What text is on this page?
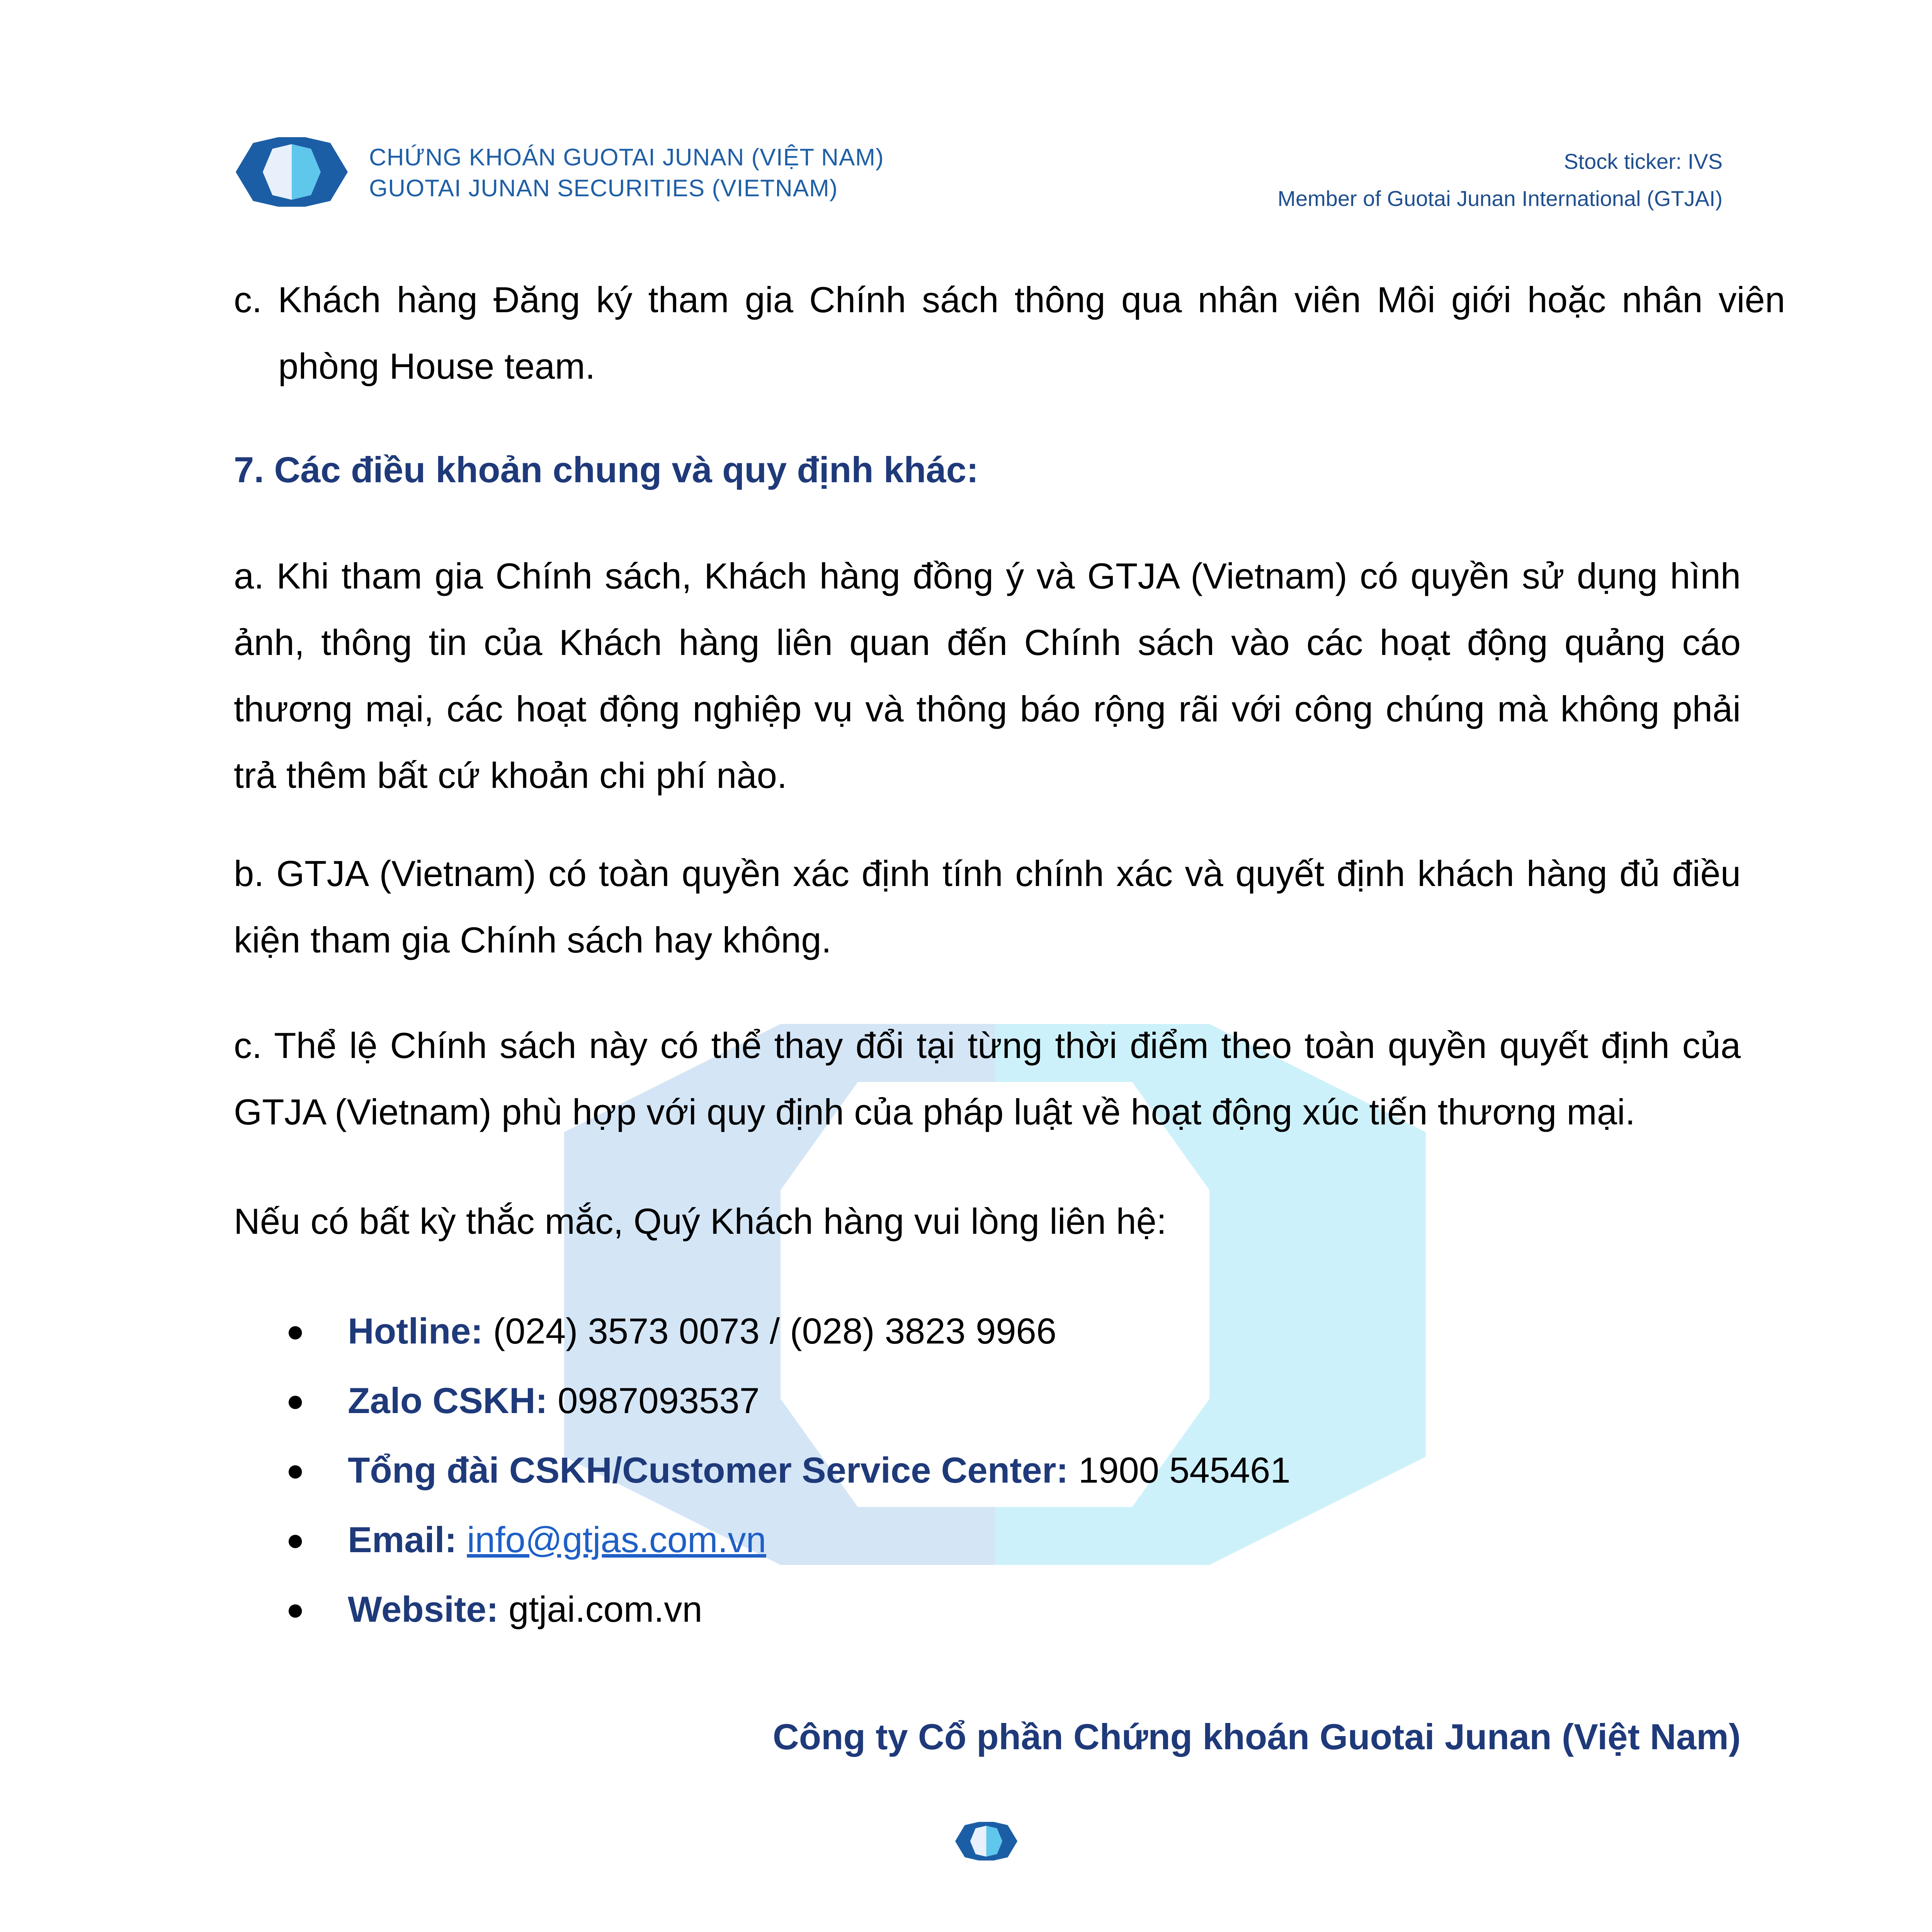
CHỨNG KHOÁN GUOTAI JUNAN (VIỆT NAM)
GUOTAI JUNAN SECURITIES (VIETNAM)
Stock ticker: IVS
Member of Guotai Junan International (GTJAI)
c. Khách hàng Đăng ký tham gia Chính sách thông qua nhân viên Môi giới hoặc nhân viên phòng House team.
7. Các điều khoản chung và quy định khác:
a. Khi tham gia Chính sách, Khách hàng đồng ý và GTJA (Vietnam) có quyền sử dụng hình ảnh, thông tin của Khách hàng liên quan đến Chính sách vào các hoạt động quảng cáo thương mại, các hoạt động nghiệp vụ và thông báo rộng rãi với công chúng mà không phải trả thêm bất cứ khoản chi phí nào.
b. GTJA (Vietnam) có toàn quyền xác định tính chính xác và quyết định khách hàng đủ điều kiện tham gia Chính sách hay không.
c. Thể lệ Chính sách này có thể thay đổi tại từng thời điểm theo toàn quyền quyết định của GTJA (Vietnam) phù hợp với quy định của pháp luật về hoạt động xúc tiến thương mại.
Nếu có bất kỳ thắc mắc, Quý Khách hàng vui lòng liên hệ:
●	Hotline: (024) 3573 0073 / (028) 3823 9966
●	Zalo CSKH: 0987093537
●	Tổng đài CSKH/Customer Service Center: 1900 545461
●	Email: info@gtjas.com.vn
●	Website: gtjai.com.vn
Công ty Cổ phần Chứng khoán Guotai Junan (Việt Nam)
